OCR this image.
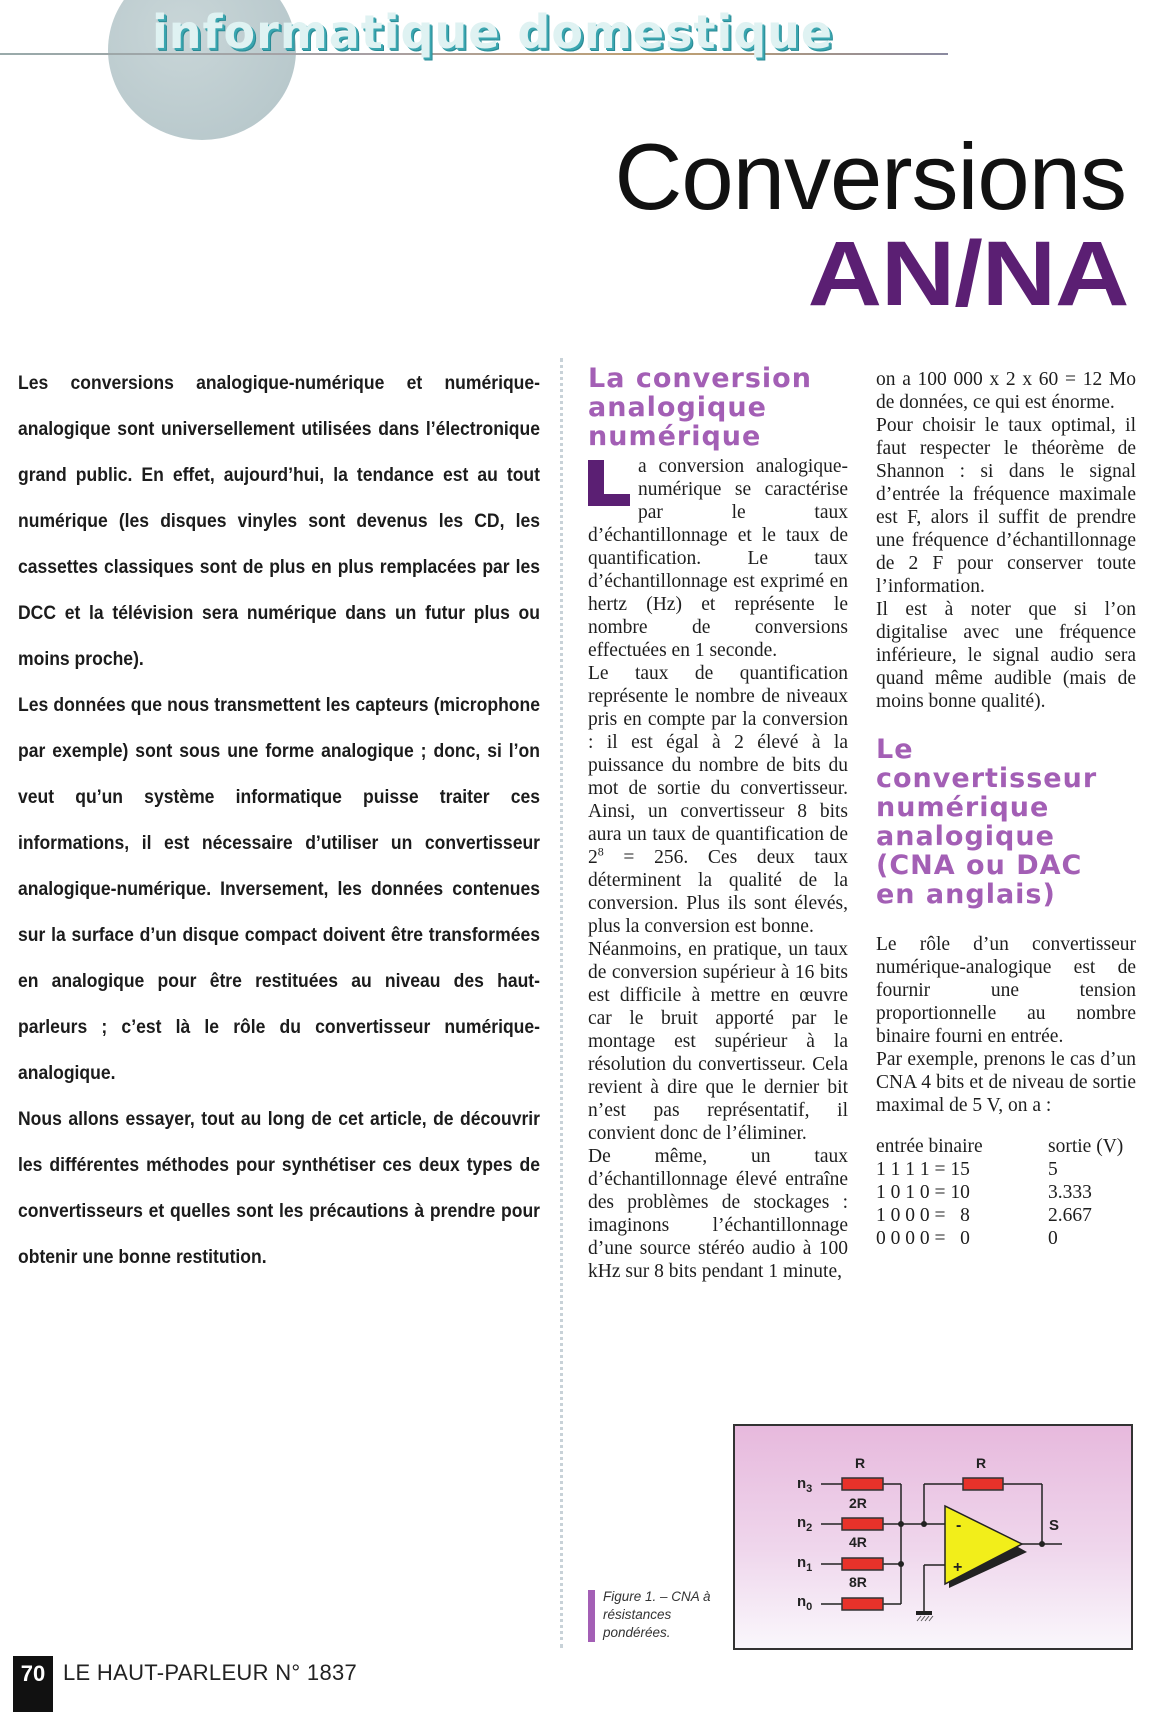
informatique domestique
Conversions
AN/NA

Les conversions analogique-numérique et numérique-analogique sont universellement utilisées dans l’électronique grand public. En effet, aujourd’hui, la tendance est au tout numérique (les disques vinyles sont devenus les CD, les cassettes classiques sont de plus en plus remplacées par les DCC et la télévision sera numérique dans un futur plus ou moins proche).

Les données que nous transmettent les capteurs (microphone par exemple) sont sous une forme analogique ; donc, si l’on veut qu’un système informatique puisse traiter ces informations, il est nécessaire d’utiliser un convertisseur analogique-numérique. Inversement, les données contenues sur la surface d’un disque compact doivent être transformées en analogique pour être restituées au niveau des haut-parleurs ; c’est là le rôle du convertisseur numérique-analogique.

Nous allons essayer, tout au long de cet article, de découvrir les différentes méthodes pour synthétiser ces deux types de convertisseurs et quelles sont les précautions à prendre pour obtenir une bonne restitution.

La conversion analogique numérique

a conversion analogique-numérique se caractérise par le taux d’échantillonnage et le taux de quantification. Le taux d’échantillonnage est exprimé en hertz (Hz) et représente le nombre de conversions effectuées en 1 seconde.

Le taux de quantification représente le nombre de niveaux pris en compte par la conversion : il est égal à 2 élevé à la puissance du nombre de bits du mot de sortie du convertisseur. Ainsi, un convertisseur 8 bits aura un taux de quantification de $2^8 = 256$. Ces deux taux déterminent la qualité de la conversion. Plus ils sont élevés, plus la conversion est bonne.

Néanmoins, en pratique, un taux de conversion supérieur à 16 bits est difficile à mettre en œuvre car le bruit apporté par le montage est supérieur à la résolution du convertisseur. Cela revient à dire que le dernier bit n’est pas représentatif, il convient donc de l’éliminer.

De même, un taux d’échantillonnage élevé entraîne des problèmes de stockages : imaginons l’échantillonnage d’une source stéréo audio à 100 kHz sur 8 bits pendant 1 minute,

on a 100 000 x 2 x 60 = 12 Mo de données, ce qui est énorme.

Pour choisir le taux optimal, il faut respecter le théorème de Shannon : si dans le signal d’entrée la fréquence maximale est F, alors il suffit de prendre une fréquence d’échantillonnage de 2 F pour conserver toute l’information.

Il est à noter que si l’on digitalise avec une fréquence inférieure, le signal audio sera quand même audible (mais de moins bonne qualité).

Le convertisseur numérique analogique (CNA ou DAC en anglais)

Le rôle d’un convertisseur numérique-analogique est de fournir une tension proportionnelle au nombre binaire fourni en entrée.

Par exemple, prenons le cas d’un CNA 4 bits et de niveau de sortie maximal de 5 V, on a :

entrée binaire	sortie (V)
1 1 1 1 = 15	5
1 0 1 0 = 10	3.333
1 0 0 0 =   8	2.667
0 0 0 0 =   0	0
$n_3$
$n_2$
$n_1$
$n_0$
R
2R
4R
8R
R
S
-
+
Figure 1. – CNA à résistances pondérées.
70 LE HAUT-PARLEUR N° 1837
